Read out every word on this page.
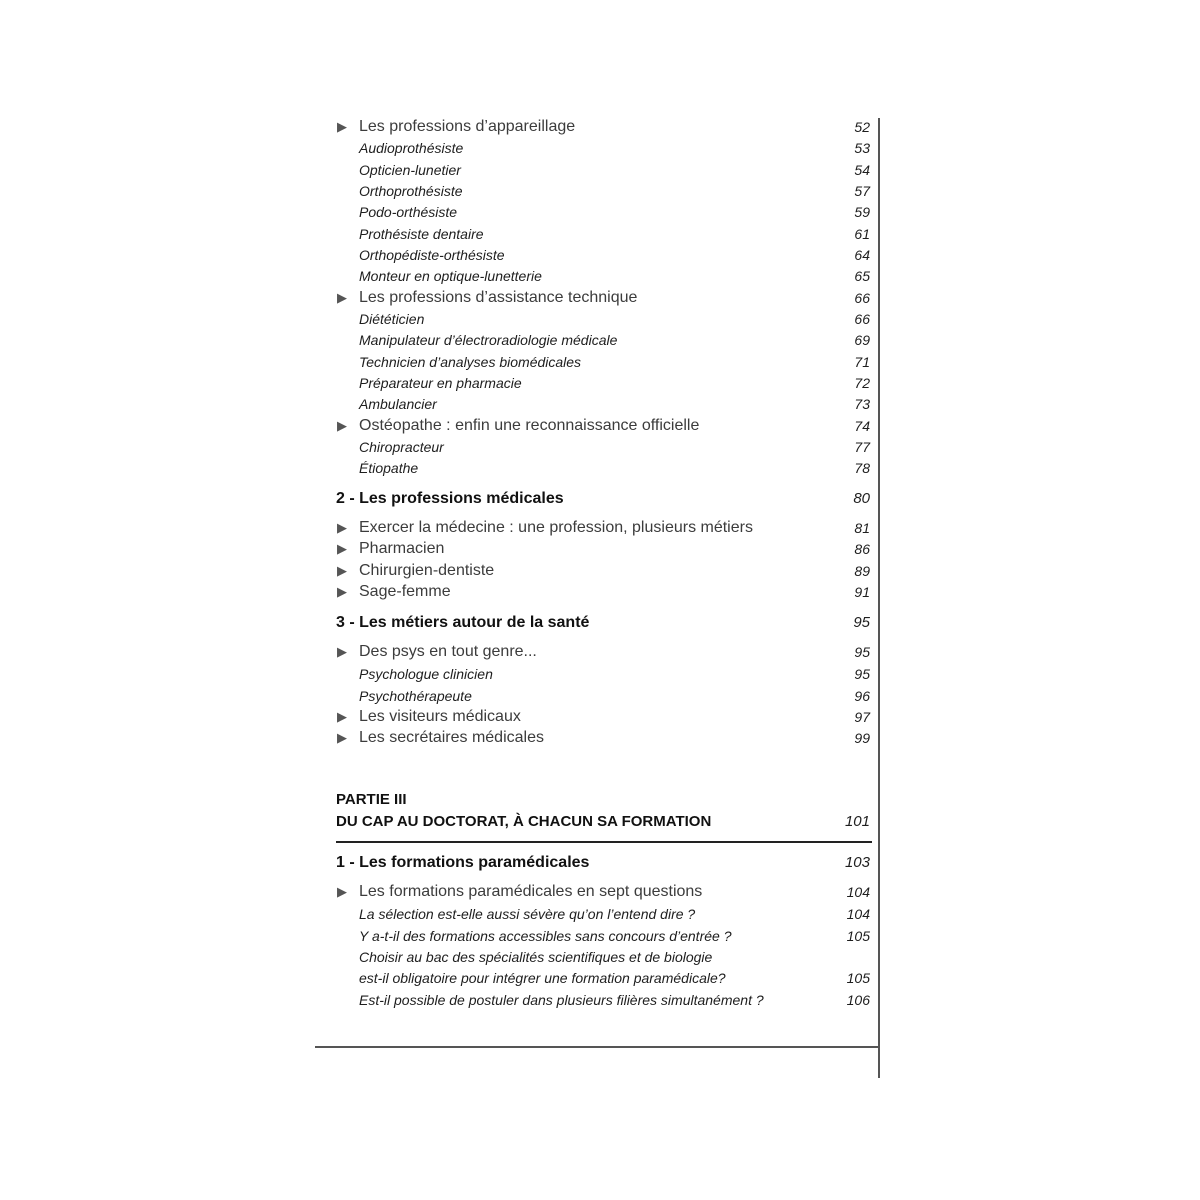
▶ Les professions d’appareillage	52
Audioprothésiste	53
Opticien-lunetier	54
Orthoprothésiste	57
Podo-orthésiste	59
Prothésiste dentaire	61
Orthopédiste-orthésiste	64
Monteur en optique-lunetterie	65
▶ Les professions d’assistance technique	66
Diététicien	66
Manipulateur d’électroradiologie médicale	69
Technicien d’analyses biomédicales	71
Préparateur en pharmacie	72
Ambulancier	73
▶ Ostéopathe : enfin une reconnaissance officielle	74
Chiropracteur	77
Étiopathe	78
2 - Les professions médicales	80
▶ Exercer la médecine : une profession, plusieurs métiers	81
▶ Pharmacien	86
▶ Chirurgien-dentiste	89
▶ Sage-femme	91
3 - Les métiers autour de la santé	95
▶ Des psys en tout genre...	95
Psychologue clinicien	95
Psychothérapeute	96
▶ Les visiteurs médicaux	97
▶ Les secrétaires médicales	99
PARTIE III
DU CAP AU DOCTORAT, À CHACUN SA FORMATION	101
1 - Les formations paramédicales	103
▶ Les formations paramédicales en sept questions	104
La sélection est-elle aussi sévère qu’on l’entend dire ?	104
Y a-t-il des formations accessibles sans concours d’entrée ?	105
Choisir au bac des spécialités scientifiques et de biologie
est-il obligatoire pour intégrer une formation paramédicale?	105
Est-il possible de postuler dans plusieurs filières simultanément ?	106
